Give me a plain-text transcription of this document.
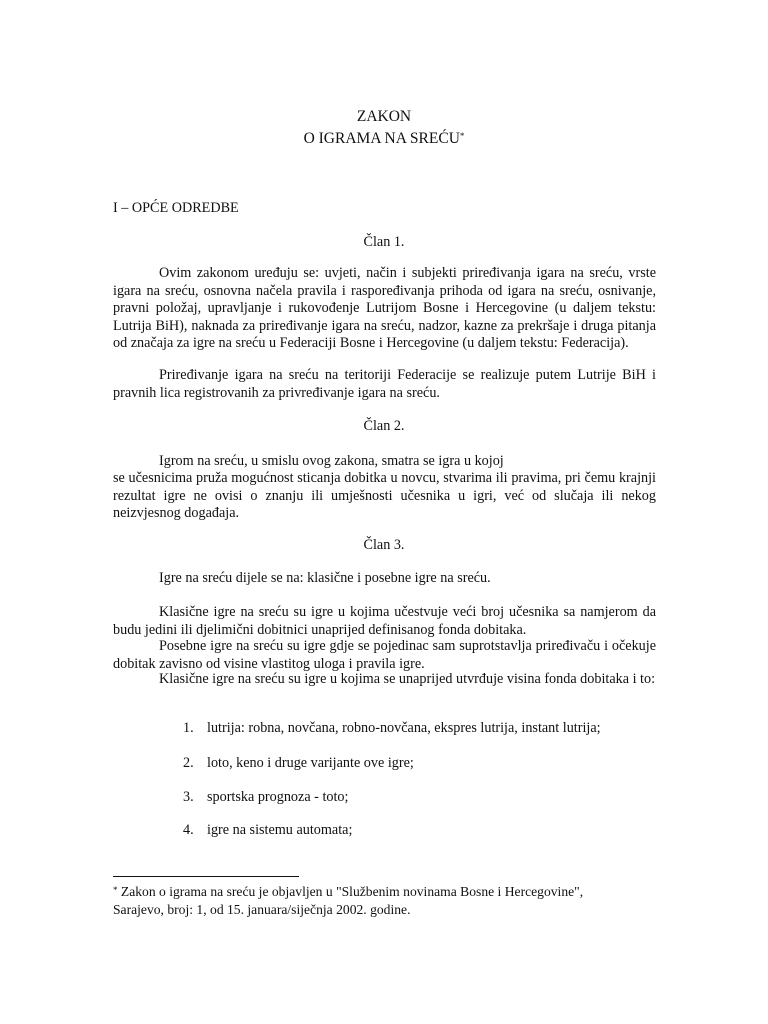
ZAKON
O IGRAMA NA SREĆU*
I – OPĆE ODREDBE
Član 1.
Ovim zakonom uređuju se: uvjeti, način i subjekti priređivanja igara na sreću, vrste igara na sreću, osnovna načela pravila i raspoređivanja prihoda od igara na sreću, osnivanje, pravni položaj, upravljanje i rukovođenje Lutrijom Bosne i Hercegovine (u daljem tekstu: Lutrija BiH), naknada za priređivanje igara na sreću, nadzor, kazne za prekršaje i druga pitanja od značaja za igre na sreću u Federaciji Bosne i Hercegovine (u daljem tekstu: Federacija).
Priređivanje igara na sreću na teritoriji Federacije se realizuje putem Lutrije BiH i pravnih lica registrovanih za privređivanje igara na sreću.
Član 2.
Igrom na sreću, u smislu ovog zakona, smatra se igra u kojoj
se učesnicima pruža mogućnost sticanja dobitka u novcu, stvarima ili pravima, pri čemu krajnji rezultat igre ne ovisi o znanju ili umješnosti učesnika u igri, već od slučaja ili nekog neizvjesnog događaja.
Član 3.
Igre na sreću dijele se na: klasične i posebne igre na sreću.
Klasične igre na sreću su igre u kojima učestvuje veći broj učesnika sa namjerom da budu jedini ili djelimični dobitnici unaprijed definisanog fonda dobitaka.
Posebne igre na sreću su igre gdje se pojedinac sam suprotstavlja priređivaču i očekuje dobitak zavisno od visine vlastitog uloga i pravila igre.
Klasične igre na sreću su igre u kojima se unaprijed utvrđuje visina fonda dobitaka i to:
1. lutrija: robna, novčana, robno-novčana, ekspres lutrija, instant lutrija;
2. loto, keno i druge varijante ove igre;
3. sportska prognoza - toto;
4. igre na sistemu automata;
* Zakon o igrama na sreću je objavljen u "Službenim novinama Bosne i Hercegovine",
Sarajevo, broj: 1, od 15. januara/siječnja 2002. godine.
